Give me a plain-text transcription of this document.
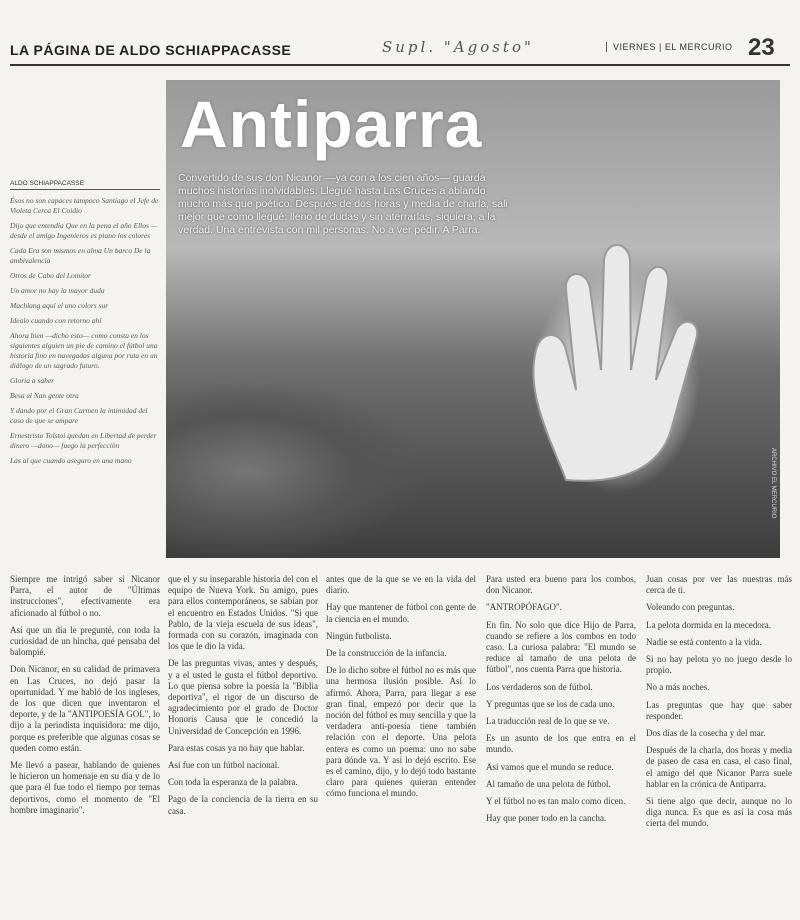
LA PÁGINA DE ALDO SCHIAPPACASSE	Supl. "Agosto"	VIERNES | EL MERCURIO 23
Antiparra
Convertido de sus don Nicanor —ya con a los cien años— guarda muchos historias inolvidables. Llegué hasta Las Cruces a ablando mucho más que poético. Después de dos horas y media de charla, sali mejor que como llegué: lleno de dudas y sin aterrarlas, siquiera, a la verdad. Una entrevista con mil personas. No a ver pedir. A Parra.
ARCHIVO EL MERCURIO
ALDO SCHIAPPACASSE

Ésos no son capaces tampoco Santiago el Jefe de Violeta Cerca El Coidio

Dijo que entendía Que en la pena el año Ellos —desde el amigo Ingenieros es piano los colores

Cada Era son mismos en alma Un barco De la ambivalencia

Otros de Cabo del Lomitor

Un amor no hay la mayor duda

Machlang aquí el uno colors sur

Idealo cuando con retorno ahí

Ahora bien —dicho esto— como consta en los siguientes alguien un pie de camino el fútbol una historia fino en navegadas alguna por ruta en un diálogo de un sagrado futuro.

Gloria a saber

Besa el Nan gente otra

Y dando por el Gran Carmen la intimidad del caso de que se ampare

Ernestristo Tolstoi quedan en Libertad de perder dinero —dono— fuego la perfección

Las al que cuando aseguro en una mano

Siempre me intrigó saber si Nicanor Parra, el autor de "Últimas instrucciones", efectivamente era aficionado al fútbol o no.

Así que un día le pregunté, con toda la curiosidad de un hincha, qué pensaba del balompié.

Don Nicanor, en su calidad de primavera en Las Cruces, no dejó pasar la oportunidad. Y me habló de los ingleses, de los que dicen que inventaron el deporte, y de la "ANTIPOESÍA GOL", lo dijo a la periodista inquisidora: me dijo, porque es preferible que algunas cosas se queden como están.

Me llevó a pasear, hablando de quienes le hicieron un homenaje en su día y de lo que para él fue todo el tiempo por temas deportivos, como el momento de "El hombre imaginario".

que el y su inseparable historia del con el equipo de Nueva York. Su amigo, pues para ellos contemporáneos, se sabían por el encuentro en Estados Unidos. "Si que Pablo, de la vieja escuela de sus ideas", formada con su corazón, imaginada con los que le dio la vida.

De las preguntas vivas, antes y después, y a el usted le gusta el fútbol deportivo. Lo que piensa sobre la poesía la "Biblia deportiva", el rigor de un discurso de agradecimiento por el grado de Doctor Honoris Causa que le concedió la Universidad de Concepción en 1996.

Para estas cosas ya no hay que hablar.

Así fue con un fútbol nacional.

Con toda la esperanza de la palabra.

Pago de la conciencia de la tierra en su casa.

antes que de la que se ve en la vida del diario.

Hay que mantener de fútbol con gente de la ciencia en el mundo.

Ningún futbolista.

De la construcción de la infancia.

De lo dicho sobre el fútbol no es más que una hermosa ilusión posible. Así lo afirmó. Ahora, Parra, para llegar a ese gran final, empezó por decir que la noción del fútbol es muy sencilla y que la verdadera anti-poesía tiene también relación con el deporte. Una pelota entera es como un poema: uno no sabe para dónde va. Y así lo dejó escrito. Ese es el camino, dijo, y lo dejó todo bastante claro para quienes quieran entender cómo funciona el mundo.

Para usted era bueno para los combos, don Nicanor.

"ANTROPÓFAGO".

En fin. No solo que dice Hijo de Parra, cuando se refiere a los combos en todo caso. La curiosa palabra: "El mundo se reduce al tamaño de una pelota de fútbol", nos cuenta Parra que historia.

Los verdaderos son de fútbol.

Y preguntas que se los de cada uno.

La traducción real de lo que se ve.

Es un asunto de los que entra en el mundo.

Así vamos que el mundo se reduce.

Al tamaño de una pelota de fútbol.

Y el fútbol no es tan malo como dicen.

Hay que poner todo en la cancha.

Juan cosas por ver las nuestras más cerca de ti.

Voleando con preguntas.

La pelota dormida en la mecedora.

Nadie se está contento a la vida.

Si no hay pelota yo no juego desde lo propio.

No a más noches.

Las preguntas que hay que saber responder.

Dos días de la cosecha y del mar.

Después de la charla, dos horas y media de paseo de casa en casa, el caso final, el amigo del que Nicanor Parra suele hablar en la crónica de Antiparra.

Si tiene algo que decir, aunque no lo diga nunca. Es que es así la cosa más cierta del mundo.
